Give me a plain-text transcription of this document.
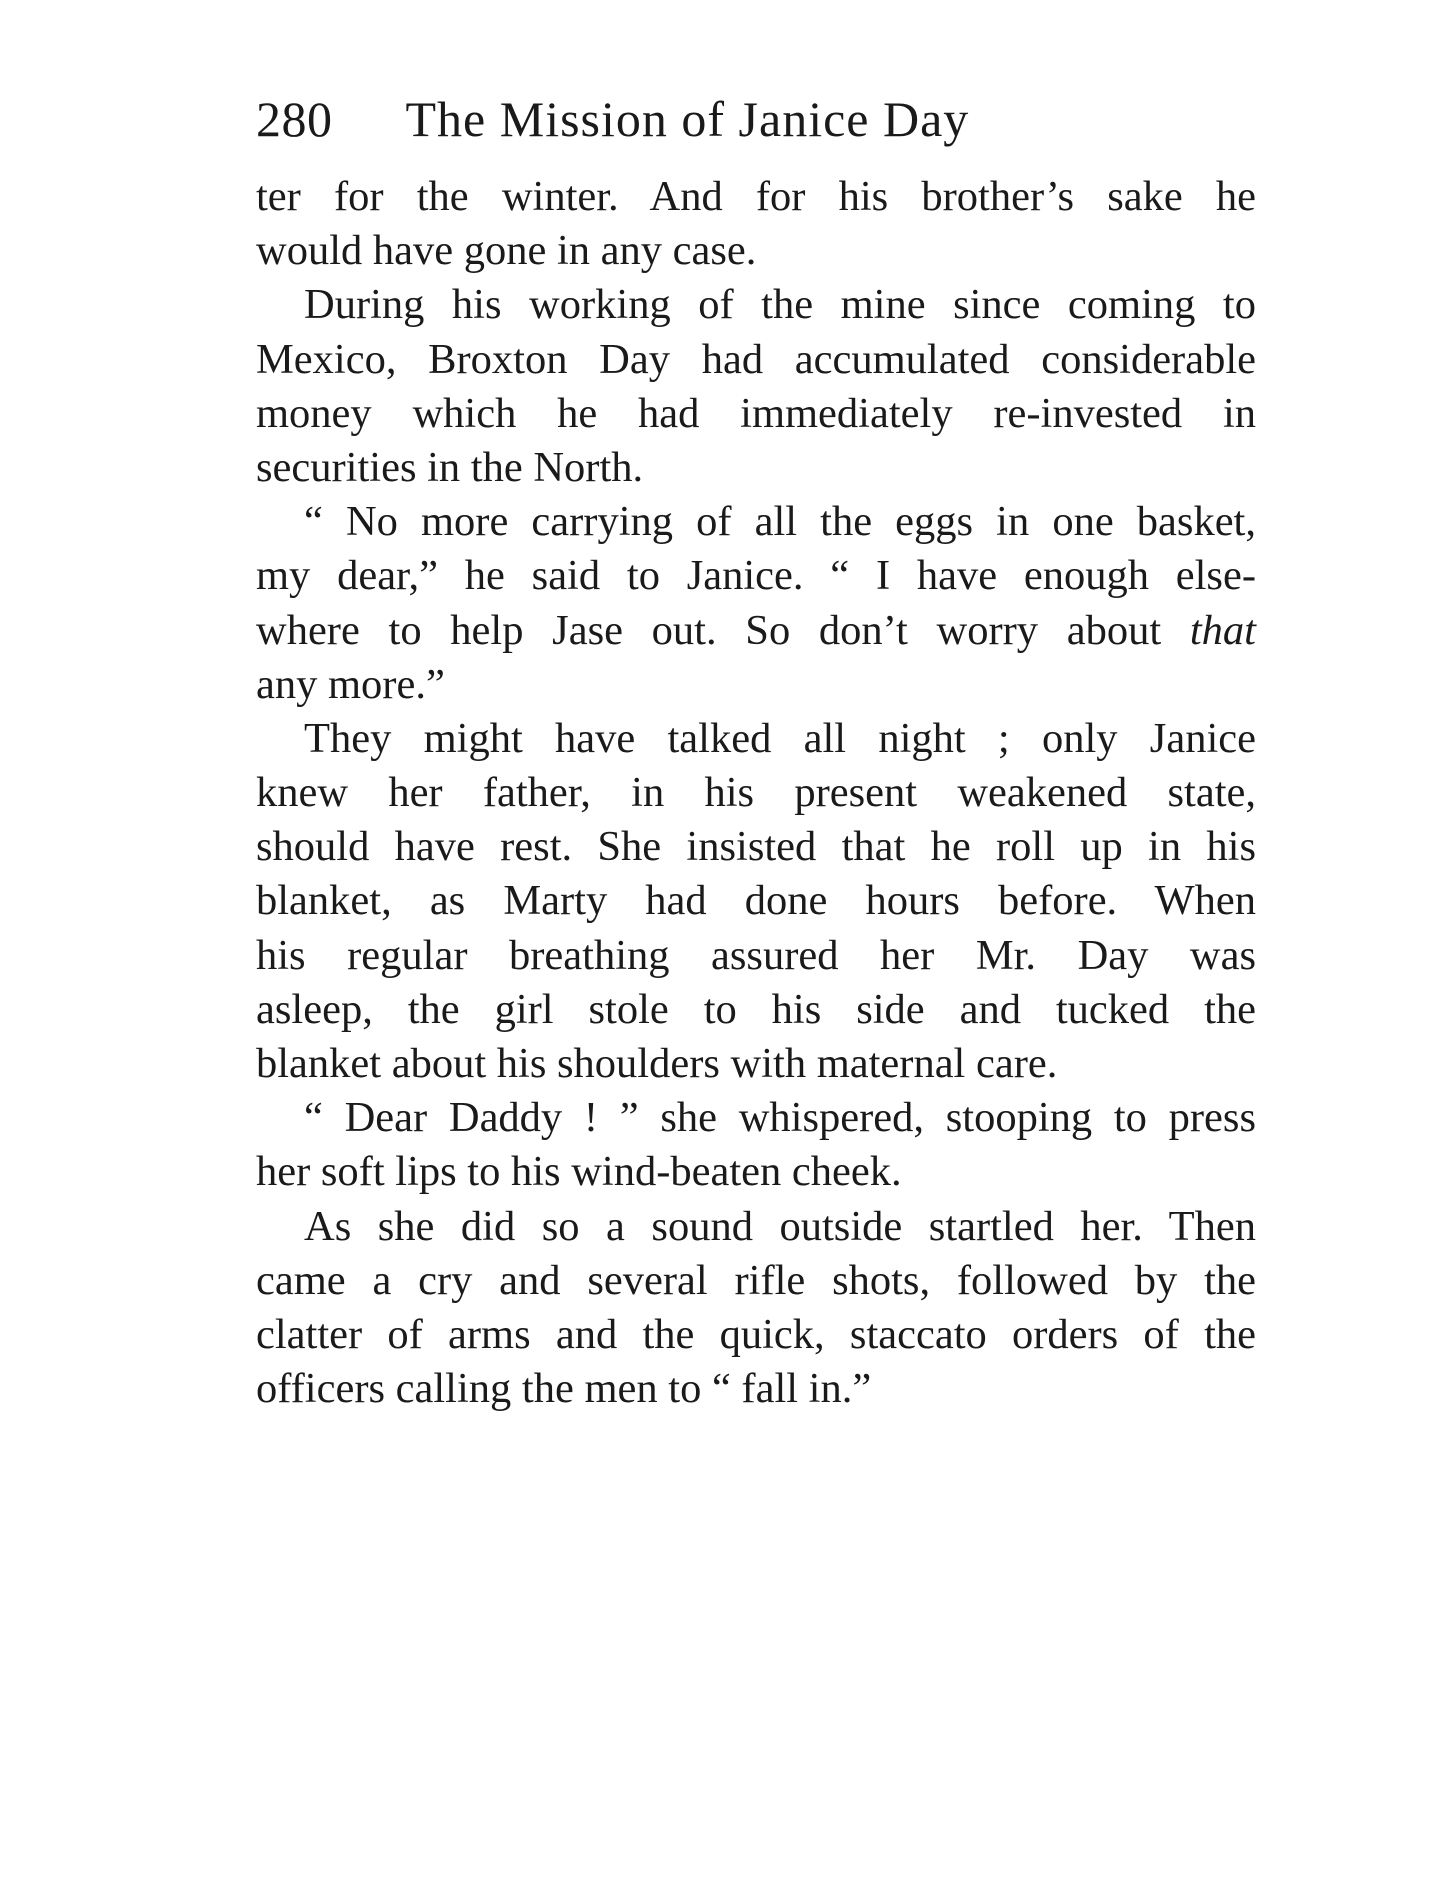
280 The Mission of Janice Day
ter for the winter. And for his brother’s sake he
would have gone in any case.
During his working of the mine since coming to
Mexico, Broxton Day had accumulated considerable
money which he had immediately re-invested in
securities in the North.
“ No more carrying of all the eggs in one basket,
my dear,” he said to Janice. “ I have enough else-
where to help Jase out. So don’t worry about that
any more.”
They might have talked all night ; only Janice
knew her father, in his present weakened state,
should have rest. She insisted that he roll up in his
blanket, as Marty had done hours before. When
his regular breathing assured her Mr. Day was
asleep, the girl stole to his side and tucked the
blanket about his shoulders with maternal care.
“ Dear Daddy ! ” she whispered, stooping to press
her soft lips to his wind-beaten cheek.
As she did so a sound outside startled her. Then
came a cry and several rifle shots, followed by the
clatter of arms and the quick, staccato orders of the
officers calling the men to “ fall in.”
